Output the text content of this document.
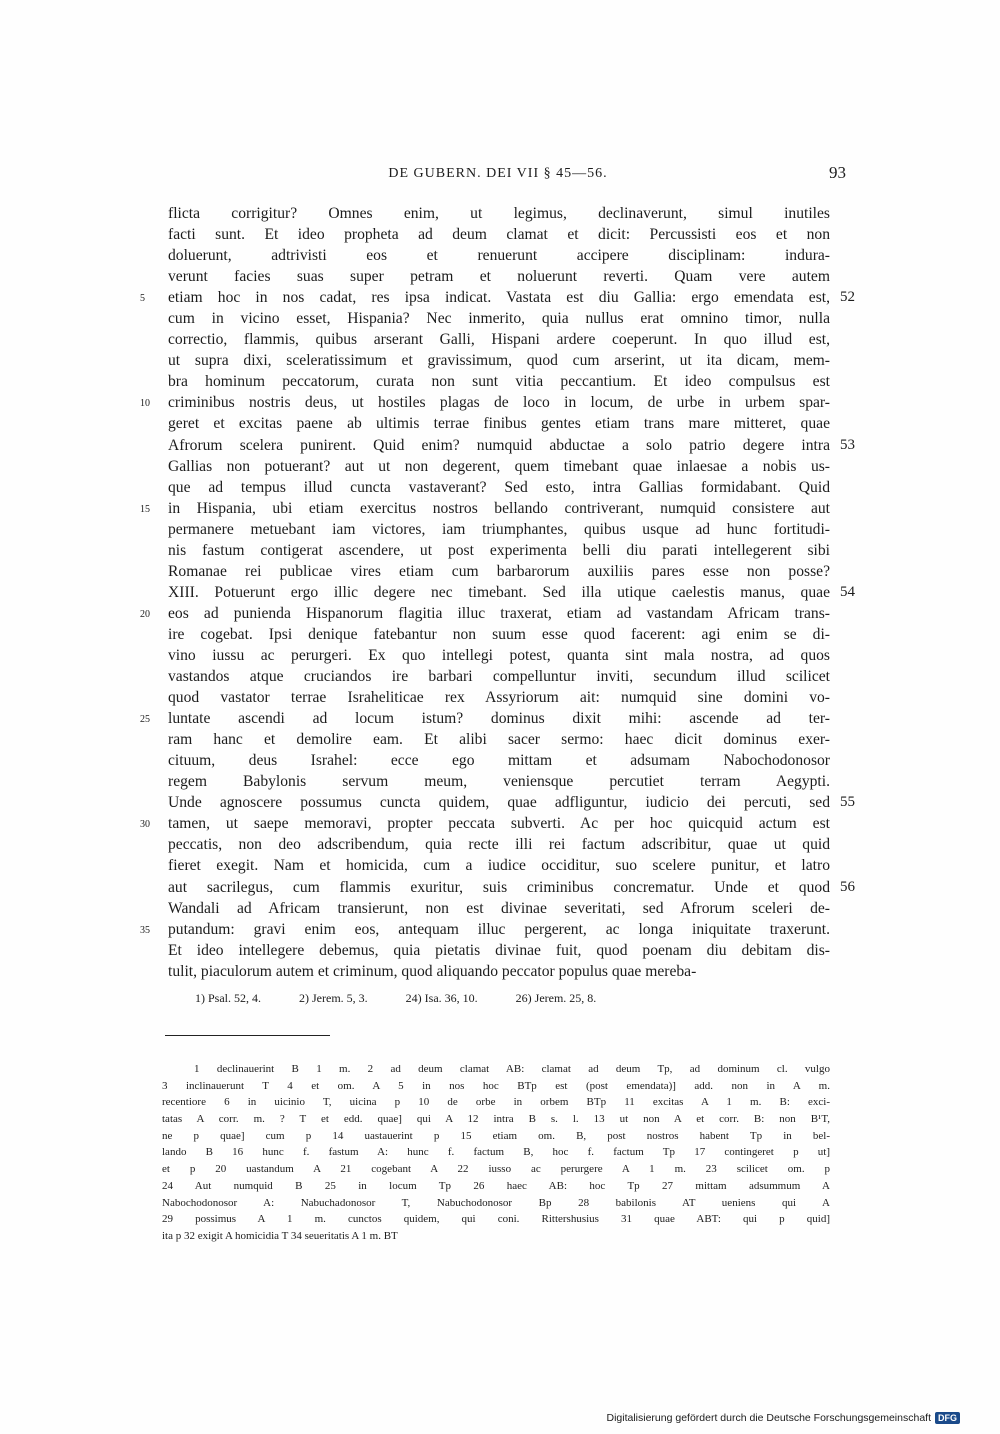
DE GUBERN. DEI VII § 45—56.	93
flicta corrigitur? Omnes enim, ut legimus, declinaverunt, simul inutiles
facti sunt. Et ideo propheta ad deum clamat et dicit: Percussisti eos et non
doluerunt, adtrivisti eos et renuerunt accipere disciplinam: indura-
verunt facies suas super petram et noluerunt reverti. Quam vere autem
etiam hoc in nos cadat, res ipsa indicat. Vastata est diu Gallia: ergo emendata est,
5	52
cum in vicino esset, Hispania? Nec inmerito, quia nullus erat omnino timor, nulla
correctio, flammis, quibus arserant Galli, Hispani ardere coeperunt. In quo illud est,
ut supra dixi, sceleratissimum et gravissimum, quod cum arserint, ut ita dicam, mem-
bra hominum peccatorum, curata non sunt vitia peccantium. Et ideo compulsus est
criminibus nostris deus, ut hostiles plagas de loco in locum, de urbe in urbem spar-
10
geret et excitas paene ab ultimis terrae finibus gentes etiam trans mare mitteret, quae
Afrorum scelera punirent. Quid enim? numquid abductae a solo patrio degere intra 53
Gallias non potuerant? aut ut non degerent, quem timebant quae inlaesae a nobis us-
que ad tempus illud cuncta vastaverant? Sed esto, intra Gallias formidabant. Quid
in Hispania, ubi etiam exercitus nostros bellando contriverant, numquid consistere aut
15
permanere metuebant iam victores, iam triumphantes, quibus usque ad hunc fortitudi-
nis fastum contigerat ascendere, ut post experimenta belli diu parati intellegerent sibi
Romanae rei publicae vires etiam cum barbarorum auxiliis pares esse non posse?
XIII. Potuerunt ergo illic degere nec timebant. Sed illa utique caelestis manus, quae 54
eos ad punienda Hispanorum flagitia illuc traxerat, etiam ad vastandam Africam trans-
20
ire cogebat. Ipsi denique fatebantur non suum esse quod facerent: agi enim se di-
vino iussu ac perurgeri. Ex quo intellegi potest, quanta sint mala nostra, ad quos
vastandos atque cruciandos ire barbari compelluntur inviti, secundum illud scilicet
quod vastator terrae Israheliticae rex Assyriorum ait: numquid sine domini vo-
luntate ascendi ad locum istum? dominus dixit mihi: ascende ad ter-
25
ram hanc et demolire eam. Et alibi sacer sermo: haec dicit dominus exer-
cituum, deus Israhel: ecce ego mittam et adsumam Nabochodonosor
regem Babylonis servum meum, veniensque percutiet terram Aegypti.
Unde agnoscere possumus cuncta quidem, quae adfliguntur, iudicio dei percuti, sed 55
tamen, ut saepe memoravi, propter peccata subverti. Ac per hoc quicquid actum est
30
peccatis, non deo adscribendum, quia recte illi rei factum adscribitur, quae ut quid
fieret exegit. Nam et homicida, cum a iudice occiditur, suo scelere punitur, et latro
aut sacrilegus, cum flammis exuritur, suis criminibus concrematur. Unde et quod 56
Wandali ad Africam transierunt, non est divinae severitati, sed Afrorum sceleri de-
putandum: gravi enim eos, antequam illuc pergerent, ac longa iniquitate traxerunt.
35
Et ideo intellegere debemus, quia pietatis divinae fuit, quod poenam diu debitam dis-
tulit, piaculorum autem et criminum, quod aliquando peccator populus quae mereba-
1) Psal. 52, 4.	2) Jerem. 5, 3.	24) Isa. 36, 10.	26) Jerem. 25, 8.
1 declinauerint B 1 m. 2 ad deum clamat AB: clamat ad deum Tp, ad dominum cl. vulgo
3 inclinauerunt T 4 et om. A 5 in nos hoc BTp est (post emendata)] add. non in A m.
recentiore 6 in uicinio T, uicina p 10 de orbe in orbem BTp 11 excitas A 1 m. B: exci-
tatas A corr. m. ? T et edd. quae] qui A 12 intra B s. l. 13 ut non A et corr. B: non B¹T,
ne p quae] cum p 14 uastauerint p 15 etiam om. B, post nostros habent Tp in bel-
lando B 16 hunc f. fastum A: hunc f. factum B, hoc f. factum Tp 17 contingeret p ut]
et p 20 uastandum A 21 cogebant A 22 iusso ac perurgere A 1 m. 23 scilicet om. p
24 Aut numquid B 25 in locum Tp 26 haec AB: hoc Tp 27 mittam adsummum A
Nabochodonosor A: Nabuchadonosor T, Nabuchodonosor Bp 28 babilonis AT ueniens qui A
29 possimus A 1 m. cunctos quidem, qui coni. Rittershusius 31 quae ABT: qui p quid]
ita p 32 exigit A homicidia T 34 seueritatis A 1 m. BT
Digitalisierung gefördert durch die Deutsche Forschungsgemeinschaft DFG
